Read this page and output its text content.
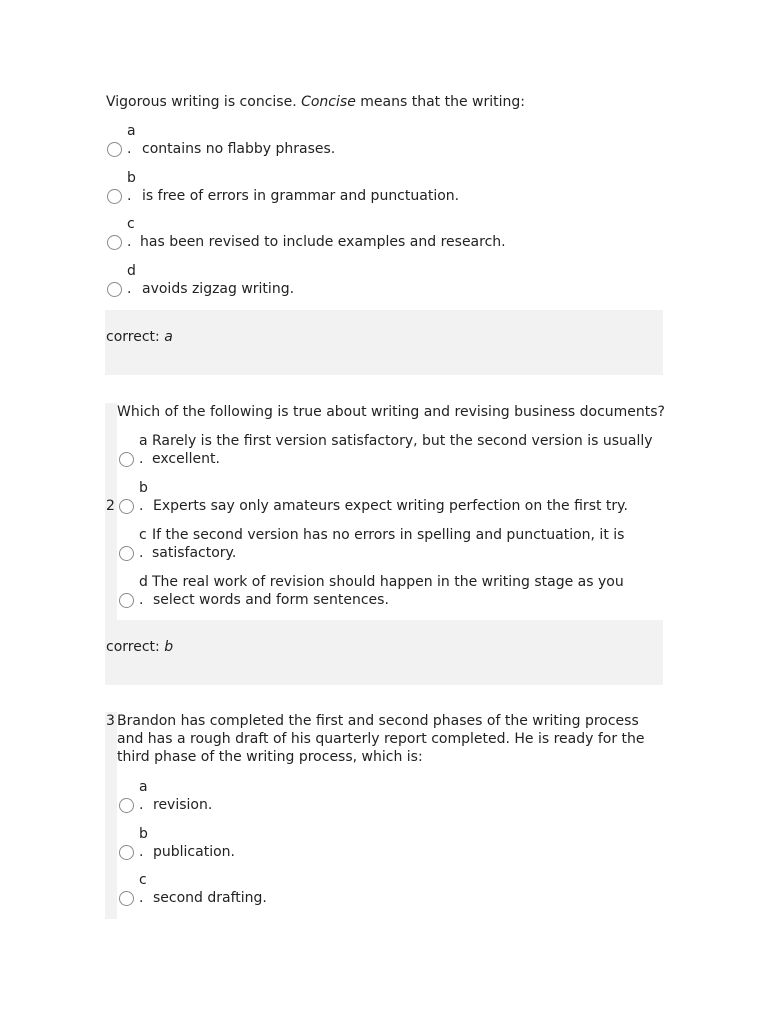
Vigorous writing is concise. Concise means that the writing:
a
. contains no flabby phrases.
b
. is free of errors in grammar and punctuation.
c
. has been revised to include examples and research.
d
. avoids zigzag writing.
correct: a
2
Which of the following is true about writing and revising business documents?
a Rarely is the first version satisfactory, but the second version is usually
. excellent.
b
. Experts say only amateurs expect writing perfection on the first try.
c If the second version has no errors in spelling and punctuation, it is
. satisfactory.
d The real work of revision should happen in the writing stage as you
. select words and form sentences.
correct: b
3 Brandon has completed the first and second phases of the writing process
and has a rough draft of his quarterly report completed. He is ready for the
third phase of the writing process, which is:
a
. revision.
b
. publication.
c
. second drafting.
